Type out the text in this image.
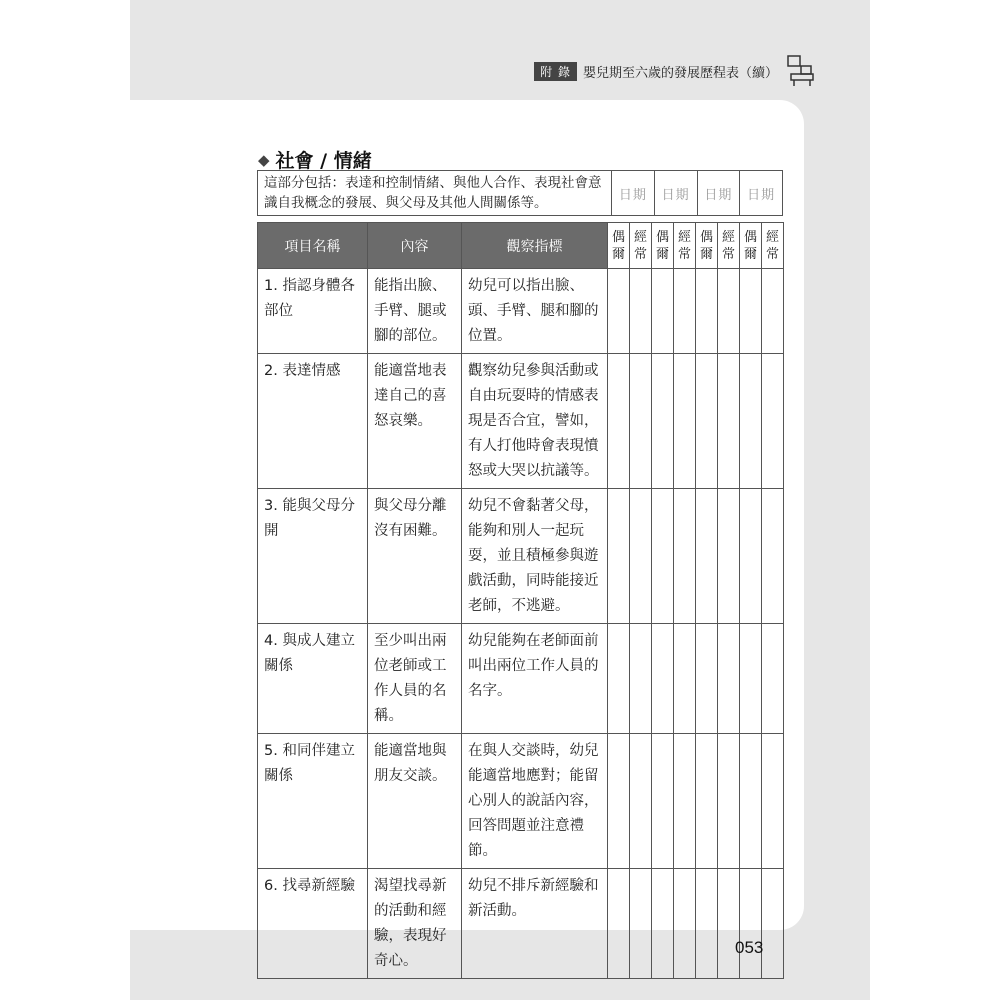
附 錄 嬰兒期至六歲的發展歷程表（續）
◆ 社會 / 情緒
這部分包括：表達和控制情緒、與他人合作、表現社會意識自我概念的發展、與父母及其他人間關係等。	日期	日期	日期	日期
項目名稱	內容	觀察指標	偶爾	經常	偶爾	經常	偶爾	經常	偶爾	經常
1. 指認身體各部位	能指出臉、手臂、腿或腳的部位。	幼兒可以指出臉、頭、手臂、腿和腳的位置。								
2. 表達情感	能適當地表達自己的喜怒哀樂。	觀察幼兒參與活動或自由玩耍時的情感表現是否合宜，譬如，有人打他時會表現憤怒或大哭以抗議等。								
3. 能與父母分開	與父母分離沒有困難。	幼兒不會黏著父母，能夠和別人一起玩耍，並且積極參與遊戲活動，同時能接近老師，不逃避。								
4. 與成人建立關係	至少叫出兩位老師或工作人員的名稱。	幼兒能夠在老師面前叫出兩位工作人員的名字。								
5. 和同伴建立關係	能適當地與朋友交談。	在與人交談時，幼兒能適當地應對；能留心別人的說話內容，回答問題並注意禮節。								
6. 找尋新經驗	渴望找尋新的活動和經驗，表現好奇心。	幼兒不排斥新經驗和新活動。								
053
